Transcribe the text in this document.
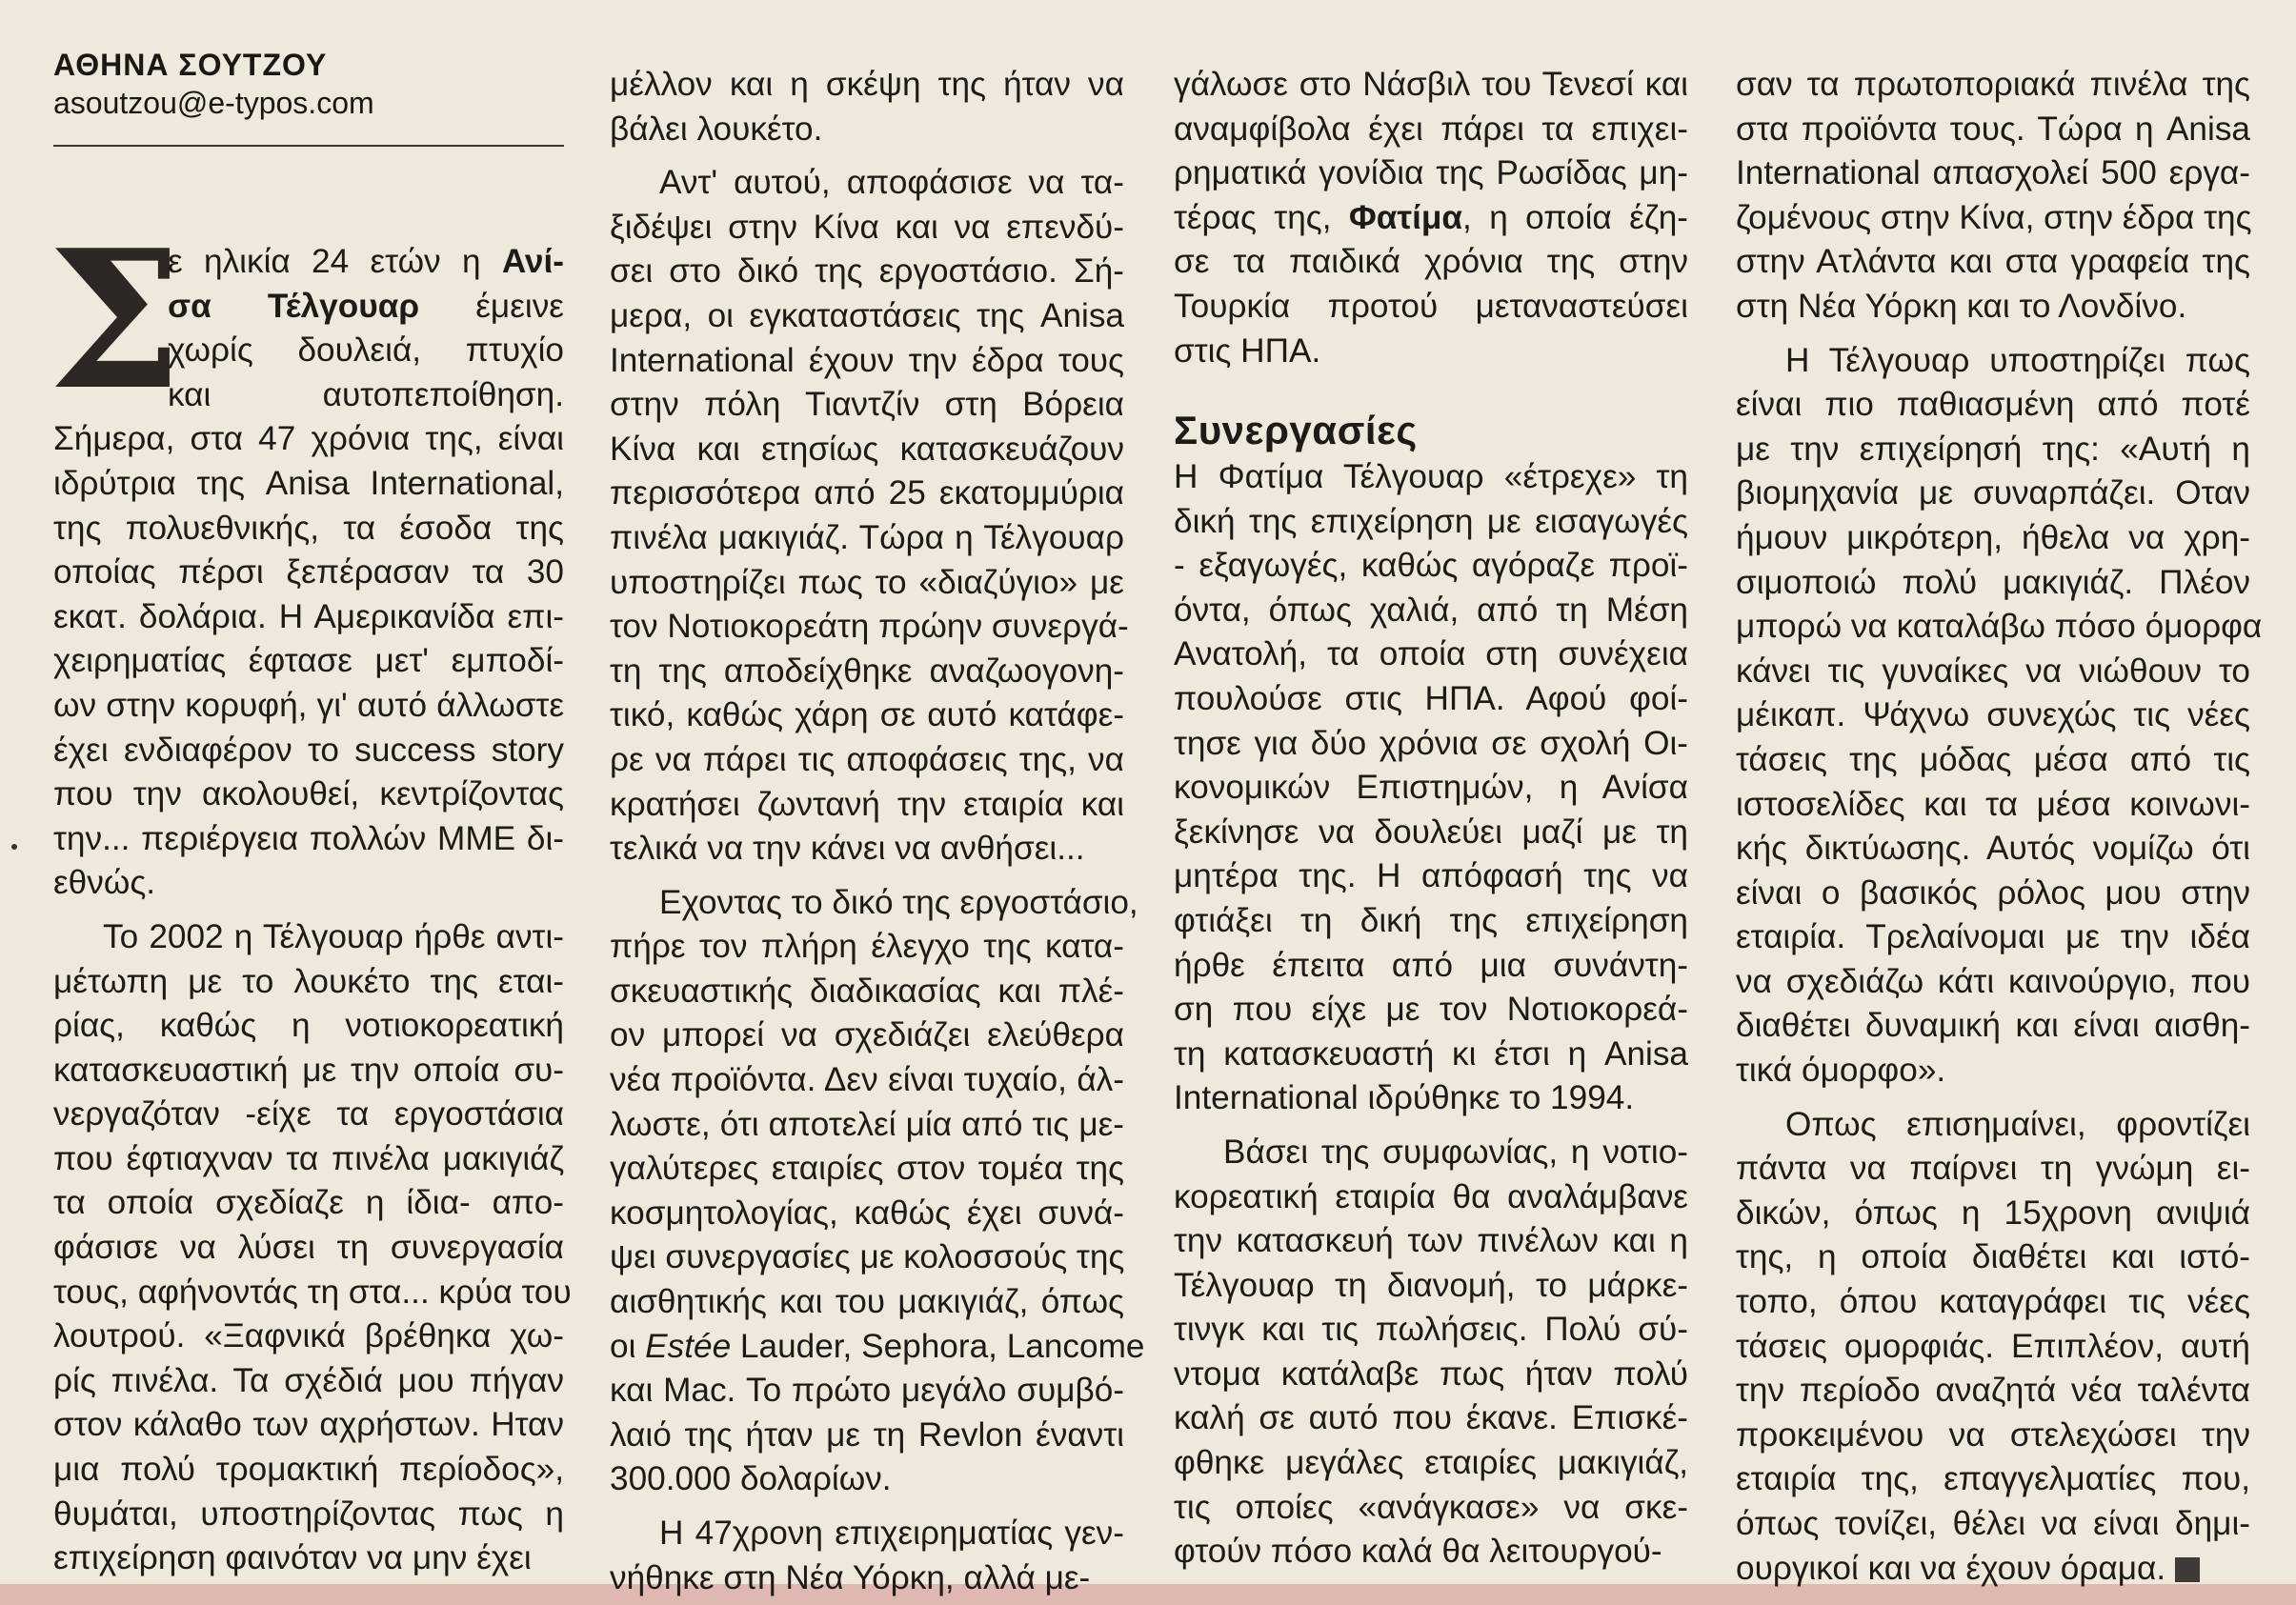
ΑΘΗΝΑ ΣΟΥΤΖΟΥ
asoutzou@e-typos.com
Σ
ε ηλικία 24 ετών η Ανί-
σα Τέλγουαρ έμεινε
χωρίς δουλειά, πτυχίο
και αυτοπεποίθηση.
Σήμερα, στα 47 χρόνια της, είναι
ιδρύτρια της Anisa International,
της πολυεθνικής, τα έσοδα της
οποίας πέρσι ξεπέρασαν τα 30
εκατ. δολάρια. Η Αμερικανίδα επι-
χειρηματίας έφτασε μετ' εμποδί-
ων στην κορυφή, γι' αυτό άλλωστε
έχει ενδιαφέρον το success story
που την ακολουθεί, κεντρίζοντας
την... περιέργεια πολλών ΜΜΕ δι-
εθνώς.
Το 2002 η Τέλγουαρ ήρθε αντι-
μέτωπη με το λουκέτο της εται-
ρίας, καθώς η νοτιοκορεατική
κατασκευαστική με την οποία συ-
νεργαζόταν -είχε τα εργοστάσια
που έφτιαχναν τα πινέλα μακιγιάζ
τα οποία σχεδίαζε η ίδια- απο-
φάσισε να λύσει τη συνεργασία
τους, αφήνοντάς τη στα... κρύα του
λουτρού. «Ξαφνικά βρέθηκα χω-
ρίς πινέλα. Τα σχέδιά μου πήγαν
στον κάλαθο των αχρήστων. Ηταν
μια πολύ τρομακτική περίοδος»,
θυμάται, υποστηρίζοντας πως η
επιχείρηση φαινόταν να μην έχει
μέλλον και η σκέψη της ήταν να
βάλει λουκέτο.
Αντ' αυτού, αποφάσισε να τα-
ξιδέψει στην Κίνα και να επενδύ-
σει στο δικό της εργοστάσιο. Σή-
μερα, οι εγκαταστάσεις της Anisa
International έχουν την έδρα τους
στην πόλη Τιαντζίν στη Βόρεια
Κίνα και ετησίως κατασκευάζουν
περισσότερα από 25 εκατομμύρια
πινέλα μακιγιάζ. Τώρα η Τέλγουαρ
υποστηρίζει πως το «διαζύγιο» με
τον Νοτιοκορεάτη πρώην συνεργά-
τη της αποδείχθηκε αναζωογονη-
τικό, καθώς χάρη σε αυτό κατάφε-
ρε να πάρει τις αποφάσεις της, να
κρατήσει ζωντανή την εταιρία και
τελικά να την κάνει να ανθήσει...
Εχοντας το δικό της εργοστάσιο,
πήρε τον πλήρη έλεγχο της κατα-
σκευαστικής διαδικασίας και πλέ-
ον μπορεί να σχεδιάζει ελεύθερα
νέα προϊόντα. Δεν είναι τυχαίο, άλ-
λωστε, ότι αποτελεί μία από τις με-
γαλύτερες εταιρίες στον τομέα της
κοσμητολογίας, καθώς έχει συνά-
ψει συνεργασίες με κολοσσούς της
αισθητικής και του μακιγιάζ, όπως
οι Estée Lauder, Sephora, Lancome
και Mac. Το πρώτο μεγάλο συμβό-
λαιό της ήταν με τη Revlon έναντι
300.000 δολαρίων.
Η 47χρονη επιχειρηματίας γεν-
νήθηκε στη Νέα Υόρκη, αλλά με-
γάλωσε στο Νάσβιλ του Τενεσί και
αναμφίβολα έχει πάρει τα επιχει-
ρηματικά γονίδια της Ρωσίδας μη-
τέρας της, Φατίμα, η οποία έζη-
σε τα παιδικά χρόνια της στην
Τουρκία προτού μεταναστεύσει
στις ΗΠΑ.
Συνεργασίες
Η Φατίμα Τέλγουαρ «έτρεχε» τη
δική της επιχείρηση με εισαγωγές
- εξαγωγές, καθώς αγόραζε προϊ-
όντα, όπως χαλιά, από τη Μέση
Ανατολή, τα οποία στη συνέχεια
πουλούσε στις ΗΠΑ. Αφού φοί-
τησε για δύο χρόνια σε σχολή Οι-
κονομικών Επιστημών, η Ανίσα
ξεκίνησε να δουλεύει μαζί με τη
μητέρα της. Η απόφασή της να
φτιάξει τη δική της επιχείρηση
ήρθε έπειτα από μια συνάντη-
ση που είχε με τον Νοτιοκορεά-
τη κατασκευαστή κι έτσι η Anisa
International ιδρύθηκε το 1994.
Βάσει της συμφωνίας, η νοτιο-
κορεατική εταιρία θα αναλάμβανε
την κατασκευή των πινέλων και η
Τέλγουαρ τη διανομή, το μάρκε-
τινγκ και τις πωλήσεις. Πολύ σύ-
ντομα κατάλαβε πως ήταν πολύ
καλή σε αυτό που έκανε. Επισκέ-
φθηκε μεγάλες εταιρίες μακιγιάζ,
τις οποίες «ανάγκασε» να σκε-
φτούν πόσο καλά θα λειτουργού-
σαν τα πρωτοποριακά πινέλα της
στα προϊόντα τους. Τώρα η Anisa
International απασχολεί 500 εργα-
ζομένους στην Κίνα, στην έδρα της
στην Ατλάντα και στα γραφεία της
στη Νέα Υόρκη και το Λονδίνο.
Η Τέλγουαρ υποστηρίζει πως
είναι πιο παθιασμένη από ποτέ
με την επιχείρησή της: «Αυτή η
βιομηχανία με συναρπάζει. Οταν
ήμουν μικρότερη, ήθελα να χρη-
σιμοποιώ πολύ μακιγιάζ. Πλέον
μπορώ να καταλάβω πόσο όμορφα
κάνει τις γυναίκες να νιώθουν το
μέικαπ. Ψάχνω συνεχώς τις νέες
τάσεις της μόδας μέσα από τις
ιστοσελίδες και τα μέσα κοινωνι-
κής δικτύωσης. Αυτός νομίζω ότι
είναι ο βασικός ρόλος μου στην
εταιρία. Τρελαίνομαι με την ιδέα
να σχεδιάζω κάτι καινούργιο, που
διαθέτει δυναμική και είναι αισθη-
τικά όμορφο».
Οπως επισημαίνει, φροντίζει
πάντα να παίρνει τη γνώμη ει-
δικών, όπως η 15χρονη ανιψιά
της, η οποία διαθέτει και ιστό-
τοπο, όπου καταγράφει τις νέες
τάσεις ομορφιάς. Επιπλέον, αυτή
την περίοδο αναζητά νέα ταλέντα
προκειμένου να στελεχώσει την
εταιρία της, επαγγελματίες που,
όπως τονίζει, θέλει να είναι δημι-
ουργικοί και να έχουν όραμα.
